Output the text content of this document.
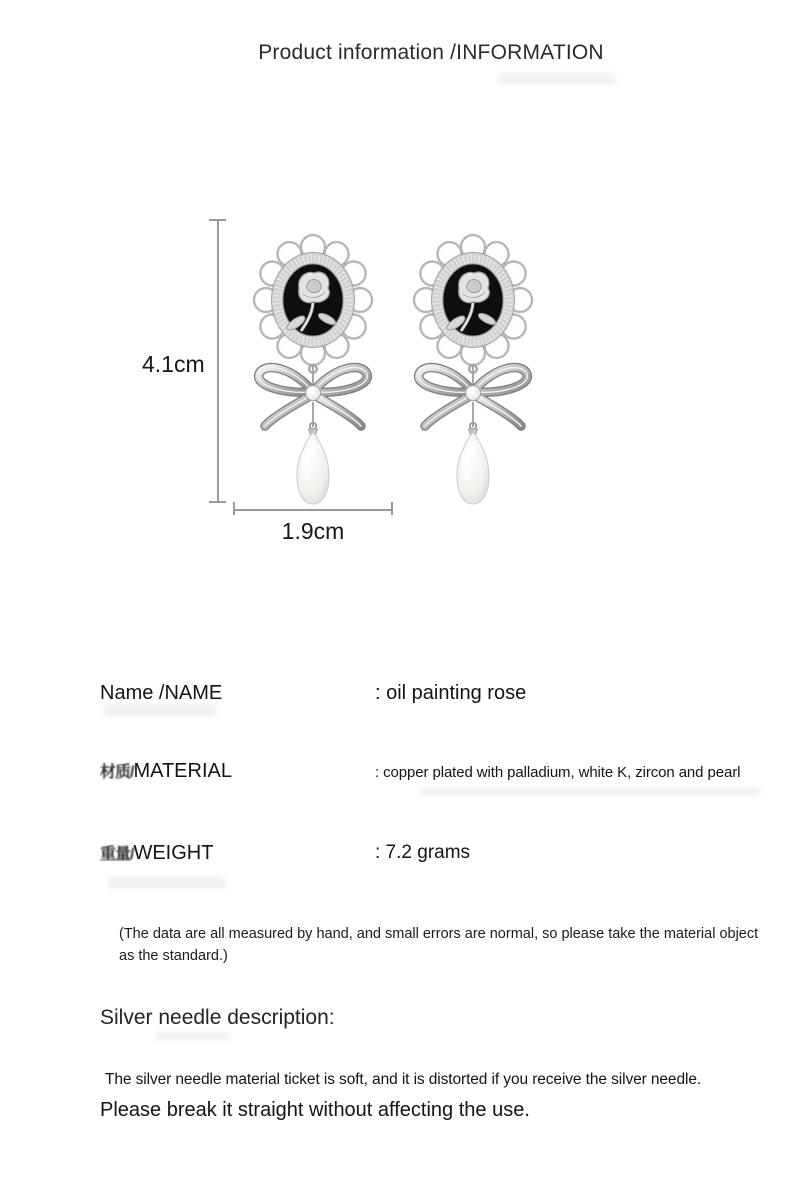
Product information /INFORMATION
4.1cm
1.9cm
Name /NAME	: oil painting rose
材质/MATERIAL	: copper plated with palladium, white K, zircon and pearl
重量/WEIGHT	: 7.2 grams
(The data are all measured by hand, and small errors are normal, so please take the material object
as the standard.)
Silver needle description:
The silver needle material ticket is soft, and it is distorted if you receive the silver needle.
Please break it straight without affecting the use.
